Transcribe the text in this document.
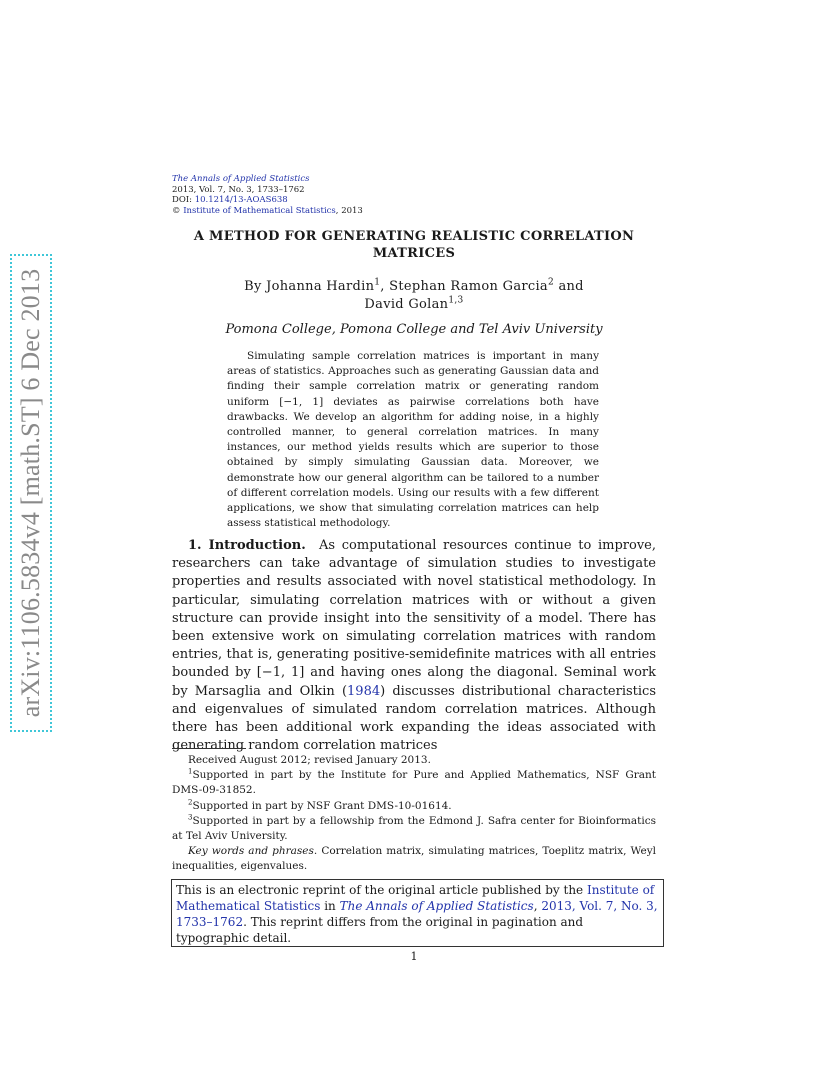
arXiv:1106.5834v4 [math.ST] 6 Dec 2013
The Annals of Applied Statistics
2013, Vol. 7, No. 3, 1733–1762
DOI: 10.1214/13-AOAS638
© Institute of Mathematical Statistics, 2013
A METHOD FOR GENERATING REALISTIC CORRELATION
MATRICES
By Johanna Hardin$^1$, Stephan Ramon Garcia$^2$ and
David Golan$^{1,3}$
Pomona College, Pomona College and Tel Aviv University
Simulating sample correlation matrices is important in many areas of statistics. Approaches such as generating Gaussian data and finding their sample correlation matrix or generating random uniform [−1, 1] deviates as pairwise correlations both have drawbacks. We develop an algorithm for adding noise, in a highly controlled manner, to general correlation matrices. In many instances, our method yields results which are superior to those obtained by simply simulating Gaussian data. Moreover, we demonstrate how our general algorithm can be tailored to a number of different correlation models. Using our results with a few different applications, we show that simulating correlation matrices can help assess statistical methodology.
1. Introduction. As computational resources continue to improve, researchers can take advantage of simulation studies to investigate properties and results associated with novel statistical methodology. In particular, simulating correlation matrices with or without a given structure can provide insight into the sensitivity of a model. There has been extensive work on simulating correlation matrices with random entries, that is, generating positive-semidefinite matrices with all entries bounded by [−1, 1] and having ones along the diagonal. Seminal work by Marsaglia and Olkin (1984) discusses distributional characteristics and eigenvalues of simulated random correlation matrices. Although there has been additional work expanding the ideas associated with generating random correlation matrices

Received August 2012; revised January 2013.

$^1$Supported in part by the Institute for Pure and Applied Mathematics, NSF Grant DMS-09-31852.

$^2$Supported in part by NSF Grant DMS-10-01614.

$^3$Supported in part by a fellowship from the Edmond J. Safra center for Bioinformatics at Tel Aviv University.

Key words and phrases. Correlation matrix, simulating matrices, Toeplitz matrix, Weyl inequalities, eigenvalues.

This is an electronic reprint of the original article published by the Institute of Mathematical Statistics in The Annals of Applied Statistics, 2013, Vol. 7, No. 3, 1733–1762. This reprint differs from the original in pagination and typographic detail.
1
